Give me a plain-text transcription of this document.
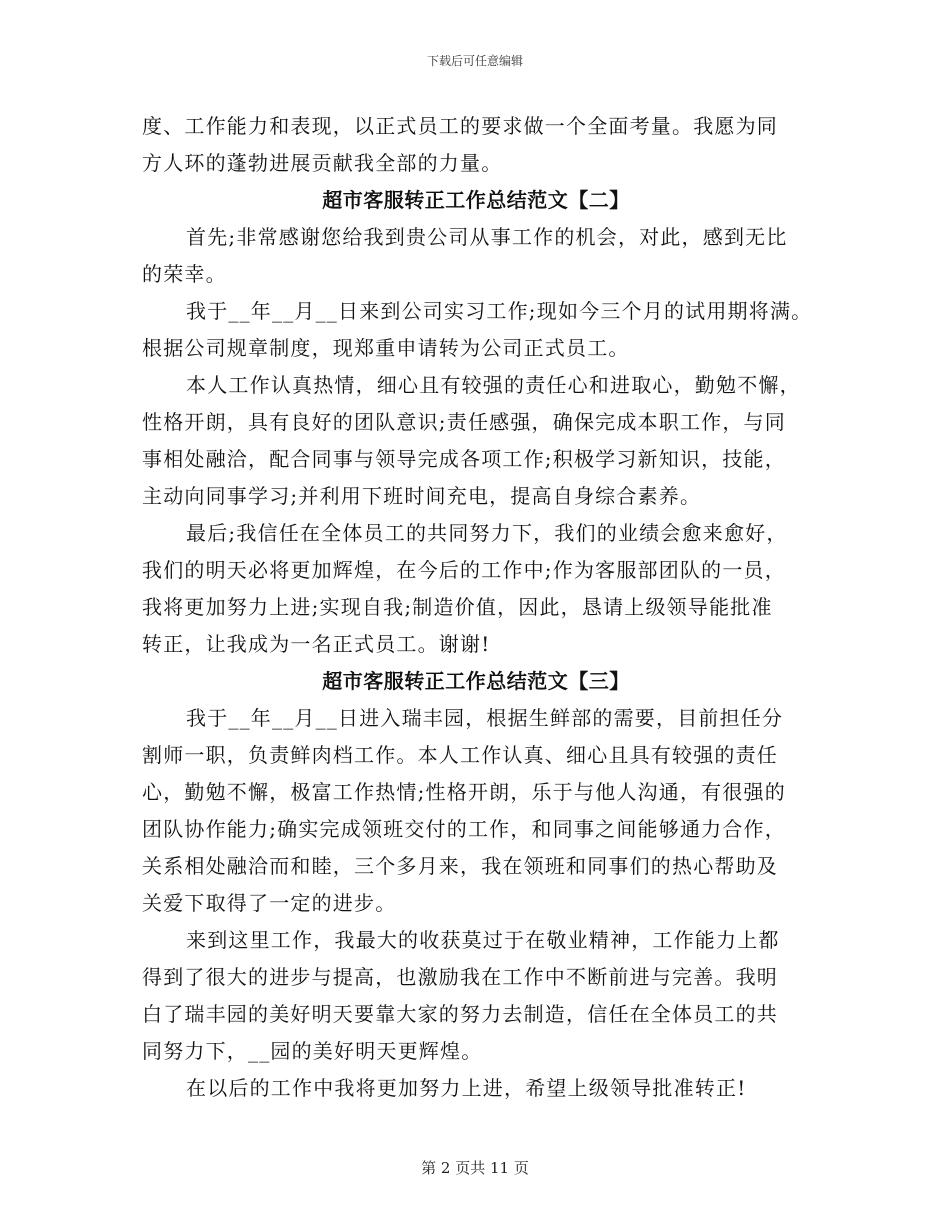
下载后可任意编辑
度、工作能力和表现，以正式员工的要求做一个全面考量。我愿为同
方人环的蓬勃进展贡献我全部的力量。
超市客服转正工作总结范文【二】
首先;非常感谢您给我到贵公司从事工作的机会，对此，感到无比
的荣幸。
我于__年__月__日来到公司实习工作;现如今三个月的试用期将满。
根据公司规章制度，现郑重申请转为公司正式员工。
本人工作认真热情，细心且有较强的责任心和进取心，勤勉不懈，
性格开朗，具有良好的团队意识;责任感强，确保完成本职工作，与同
事相处融洽，配合同事与领导完成各项工作;积极学习新知识，技能，
主动向同事学习;并利用下班时间充电，提高自身综合素养。
最后;我信任在全体员工的共同努力下，我们的业绩会愈来愈好，
我们的明天必将更加辉煌，在今后的工作中;作为客服部团队的一员，
我将更加努力上进;实现自我;制造价值，因此，恳请上级领导能批准
转正，让我成为一名正式员工。谢谢!
超市客服转正工作总结范文【三】
我于__年__月__日进入瑞丰园，根据生鲜部的需要，目前担任分
割师一职，负责鲜肉档工作。本人工作认真、细心且具有较强的责任
心，勤勉不懈，极富工作热情;性格开朗，乐于与他人沟通，有很强的
团队协作能力;确实完成领班交付的工作，和同事之间能够通力合作，
关系相处融洽而和睦，三个多月来，我在领班和同事们的热心帮助及
关爱下取得了一定的进步。
来到这里工作，我最大的收获莫过于在敬业精神，工作能力上都
得到了很大的进步与提高，也激励我在工作中不断前进与完善。我明
白了瑞丰园的美好明天要靠大家的努力去制造，信任在全体员工的共
同努力下，__园的美好明天更辉煌。
在以后的工作中我将更加努力上进，希望上级领导批准转正!
第 2 页共 11 页
